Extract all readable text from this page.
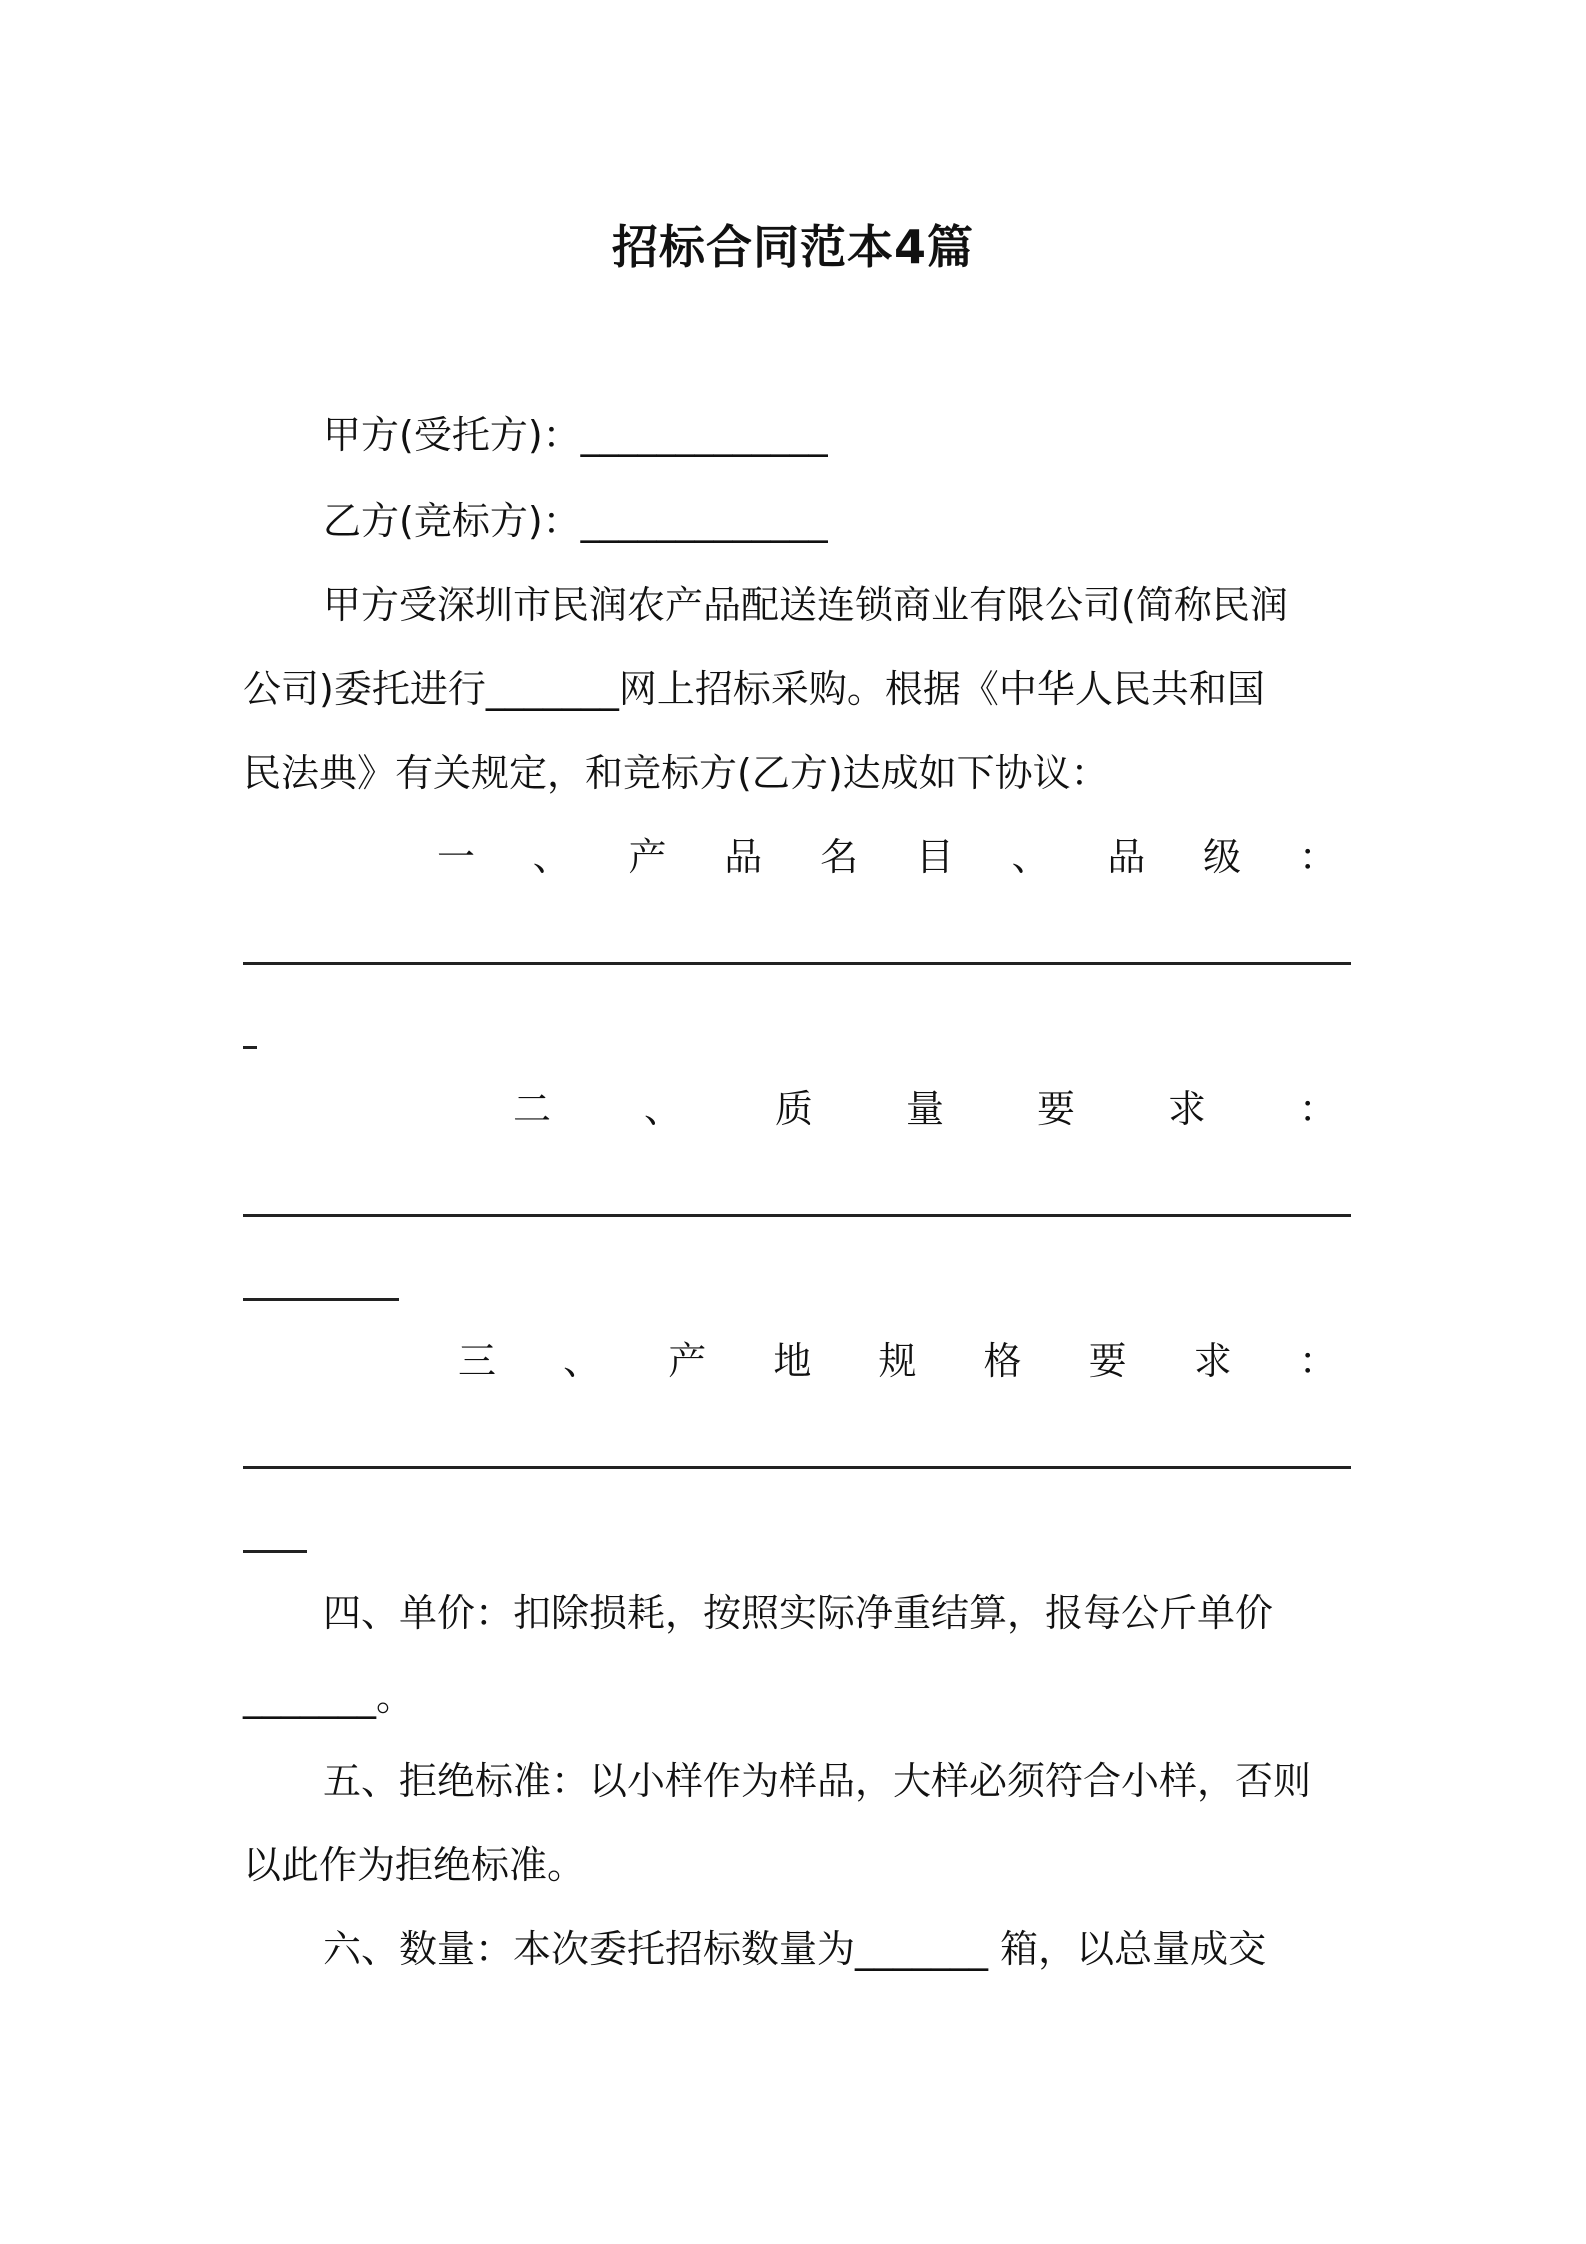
招标合同范本4篇
甲方(受托方)：_____________
乙方(竞标方)：_____________
甲方受深圳市民润农产品配送连锁商业有限公司(简称民润
公司)委托进行_______网上招标采购。根据《中华人民共和国
民法典》有关规定，和竞标方(乙方)达成如下协议：
一 、 产 品 名 目 、 品 级 ：
二 、 质 量 要 求 ：
三 、 产 地 规 格 要 求 ：
四、单价：扣除损耗，按照实际净重结算，报每公斤单价
_______。
五、拒绝标准：以小样作为样品，大样必须符合小样，否则
以此作为拒绝标准。
六、数量：本次委托招标数量为_______ 箱，以总量成交
